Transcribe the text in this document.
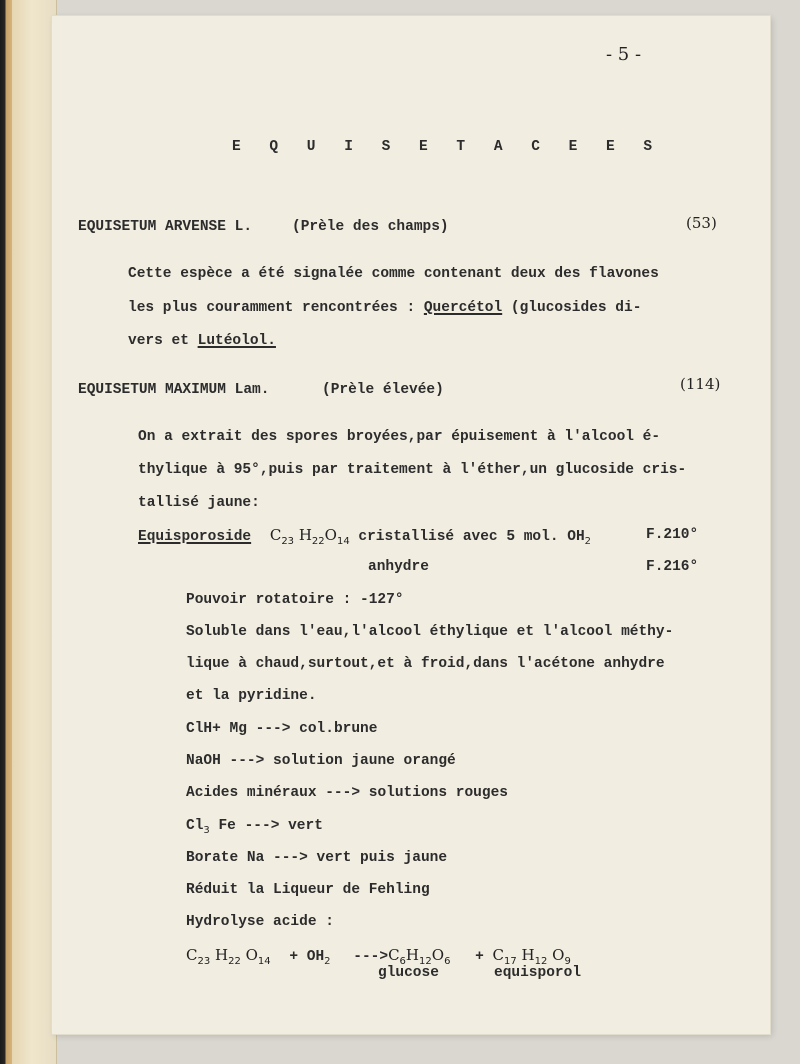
- 5 -
E Q U I S E T A C E E S
EQUISETUM ARVENSE L.	(Prèle des champs)	(53)
Cette espèce a été signalée comme contenant deux des flavones
les plus couramment rencontrées : Quercétol (glucosides di-
vers et Lutéolol.
EQUISETUM MAXIMUM Lam.	(Prèle élevée)	(114)
On a extrait des spores broyées,par épuisement à l'alcool é-
thylique à 95°,puis par traitement à l'éther,un glucoside cris-
tallisé jaune:
Equisporoside $C_{23}$ $H_{22}O_{14}$ cristallisé avec 5 mol. $OH_2$	F.210°
anhydre	F.216°
Pouvoir rotatoire : -127°
Soluble dans l'eau,l'alcool éthylique et l'alcool méthy-
lique à chaud,surtout,et à froid,dans l'acétone anhydre
et la pyridine.
ClH+ Mg ---> col.brune
NaOH ---> solution jaune orangé
Acides minéraux ---> solutions rouges
$Cl_3$ Fe ---> vert
Borate Na ---> vert puis jaune
Réduit la Liqueur de Fehling
Hydrolyse acide :
$C_{23}$ $H_{22}$ $O_{14} + OH_2$ $--->C_6H_{12}O_6 + C_{17}$ $H_{12}$ $O_9$
glucose	equisporol
